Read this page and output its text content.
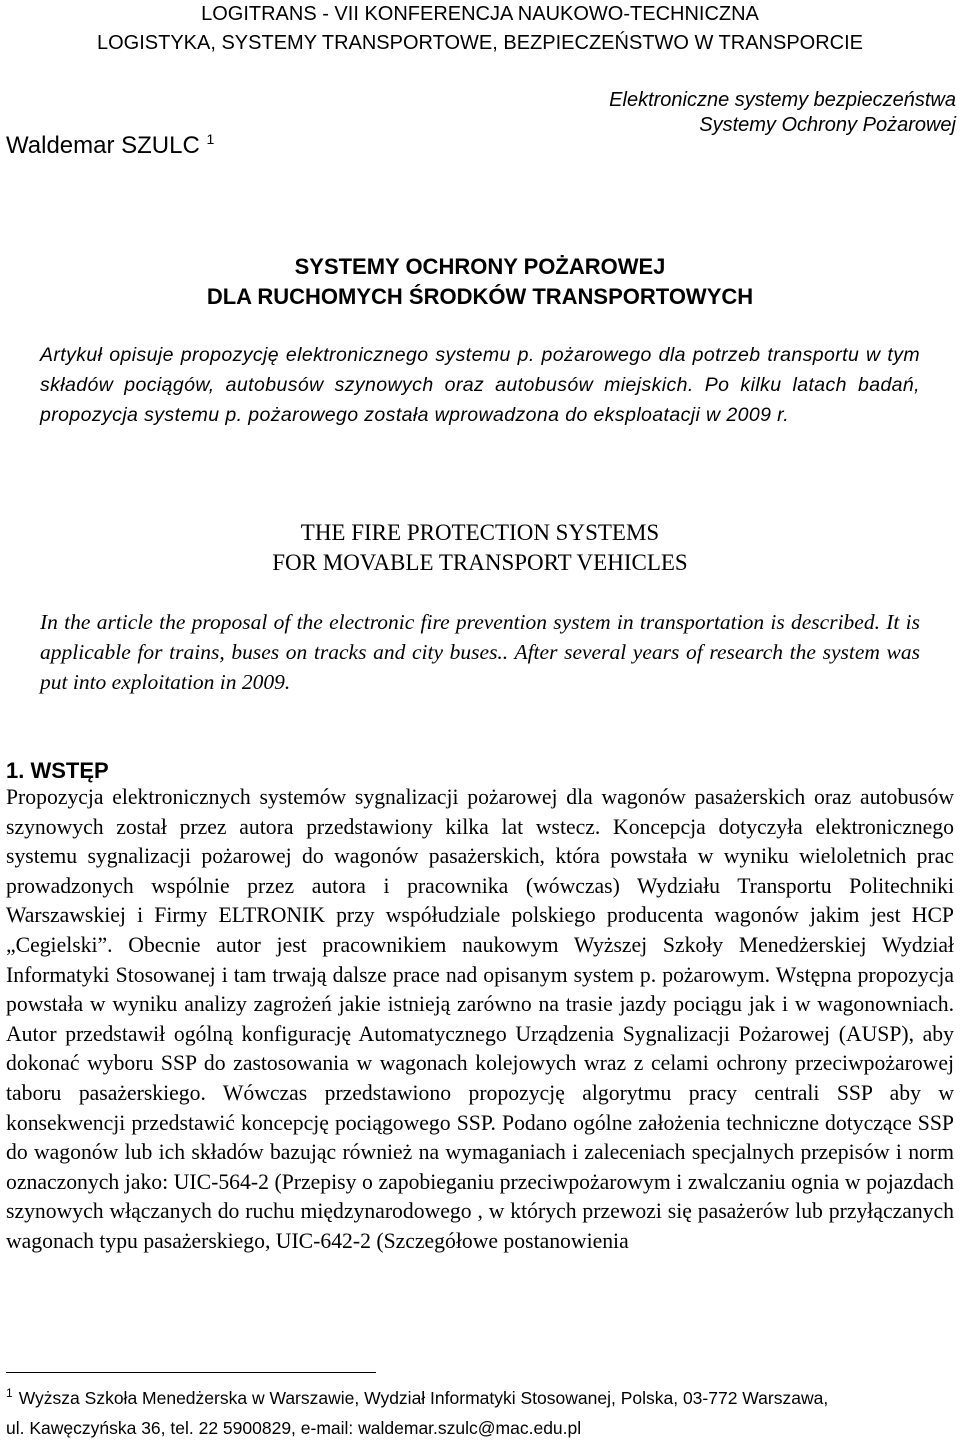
LOGITRANS - VII KONFERENCJA NAUKOWO-TECHNICZNA
LOGISTYKA, SYSTEMY TRANSPORTOWE, BEZPIECZEŃSTWO W TRANSPORCIE
Elektroniczne systemy bezpieczeństwa
Systemy Ochrony Pożarowej
Waldemar SZULC $^1$
SYSTEMY OCHRONY POŻAROWEJ
DLA RUCHOMYCH ŚRODKÓW TRANSPORTOWYCH
Artykuł opisuje propozycję elektronicznego systemu p. pożarowego dla potrzeb transportu w tym składów pociągów, autobusów szynowych oraz autobusów miejskich. Po kilku latach badań, propozycja systemu p. pożarowego została wprowadzona do eksploatacji w 2009 r.
THE FIRE PROTECTION SYSTEMS
FOR MOVABLE TRANSPORT VEHICLES
In the article the proposal of the electronic fire prevention system in transportation is described. It is applicable for trains, buses on tracks and city buses.. After several years of research the system was put into exploitation in 2009.
1. WSTĘP
Propozycja elektronicznych systemów sygnalizacji pożarowej dla wagonów pasażerskich oraz autobusów szynowych został przez autora przedstawiony kilka lat wstecz. Koncepcja dotyczyła elektronicznego systemu sygnalizacji pożarowej do wagonów pasażerskich, która powstała w wyniku wieloletnich prac prowadzonych wspólnie przez autora i pracownika (wówczas) Wydziału Transportu Politechniki Warszawskiej i Firmy ELTRONIK przy współudziale polskiego producenta wagonów jakim jest HCP „Cegielski”. Obecnie autor jest pracownikiem naukowym Wyższej Szkoły Menedżerskiej Wydział Informatyki Stosowanej i tam trwają dalsze prace nad opisanym system p. pożarowym. Wstępna propozycja powstała w wyniku analizy zagrożeń jakie istnieją zarówno na trasie jazdy pociągu jak i w wagonowniach. Autor przedstawił ogólną konfigurację Automatycznego Urządzenia Sygnalizacji Pożarowej (AUSP), aby dokonać wyboru SSP do zastosowania w wagonach kolejowych wraz z celami ochrony przeciwpożarowej taboru pasażerskiego. Wówczas przedstawiono propozycję algorytmu pracy centrali SSP aby w konsekwencji przedstawić koncepcję pociągowego SSP. Podano ogólne założenia techniczne dotyczące SSP do wagonów lub ich składów bazując również na wymaganiach i zaleceniach specjalnych przepisów i norm oznaczonych jako: UIC-564-2 (Przepisy o zapobieganiu przeciwpożarowym i zwalczaniu ognia w pojazdach szynowych włączanych do ruchu międzynarodowego , w których przewozi się pasażerów lub przyłączanych wagonach typu pasażerskiego, UIC-642-2 (Szczegółowe postanowienia
$^1$ Wyższa Szkoła Menedżerska w Warszawie, Wydział Informatyki Stosowanej, Polska, 03-772 Warszawa,
ul. Kawęczyńska 36, tel. 22 5900829, e-mail: waldemar.szulc@mac.edu.pl
